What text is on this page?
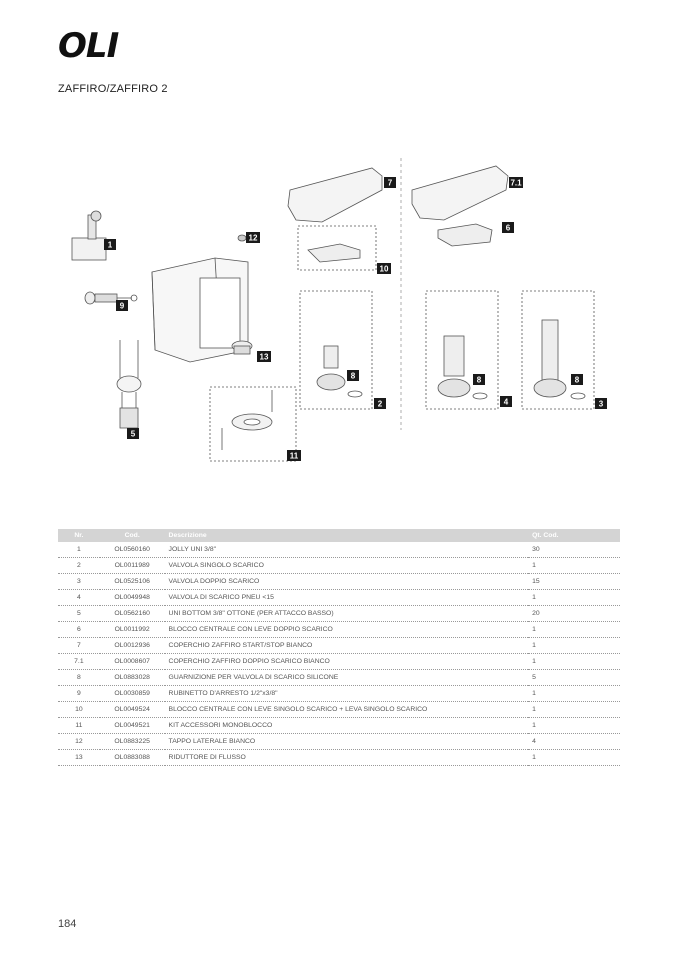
OLI
ZAFFIRO/ZAFFIRO 2
1
2	3
4
5
6
7	7.1
8	8	8
9
10
11
12
13
Nr.	Cod.	Descrizione	Qt. Cod.
1	OL0560160	JOLLY UNI 3/8"	30
2	OL0011989	VALVOLA SINGOLO SCARICO	1
3	OL0525106	VALVOLA DOPPIO SCARICO	15
4	OL0049948	VALVOLA DI SCARICO PNEU <15	1
5	OL0562160	UNI BOTTOM 3/8" OTTONE (PER ATTACCO BASSO)	20
6	OL0011992	BLOCCO CENTRALE CON LEVE DOPPIO SCARICO	1
7	OL0012936	COPERCHIO ZAFFIRO START/STOP BIANCO	1
7.1	OL0008607	COPERCHIO ZAFFIRO DOPPIO SCARICO BIANCO	1
8	OL0883028	GUARNIZIONE PER VALVOLA DI SCARICO SILICONE	5
9	OL0030859	RUBINETTO D'ARRESTO 1/2"x3/8"	1
10	OL0049524	BLOCCO CENTRALE CON LEVE SINGOLO SCARICO + LEVA SINGOLO SCARICO	1
11	OL0049521	KIT ACCESSORI MONOBLOCCO	1
12	OL0883225	TAPPO LATERALE BIANCO	4
13	OL0883088	RIDUTTORE DI FLUSSO	1
184
